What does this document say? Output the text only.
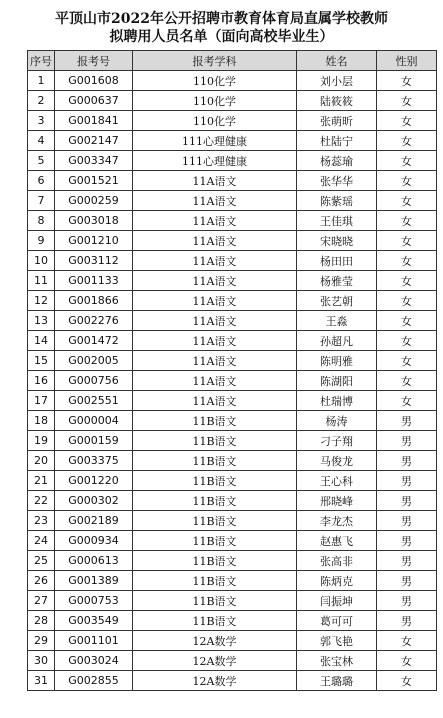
平顶山市2022年公开招聘市教育体育局直属学校教师
拟聘用人员名单（面向高校毕业生）
序号	报考号	报考学科	姓名	性别
1	G001608	110化学	刘小层	女
2	G000637	110化学	陆筱筱	女
3	G001841	110化学	张萌昕	女
4	G002147	111心理健康	杜陆宁	女
5	G003347	111心理健康	杨蕊瑜	女
6	G001521	11A语文	张华华	女
7	G000259	11A语文	陈紫瑶	女
8	G003018	11A语文	王佳琪	女
9	G001210	11A语文	宋晓晓	女
10	G003112	11A语文	杨田田	女
11	G001133	11A语文	杨雅莹	女
12	G001866	11A语文	张艺朝	女
13	G002276	11A语文	王淼	女
14	G001472	11A语文	孙超凡	女
15	G002005	11A语文	陈明雅	女
16	G000756	11A语文	陈湖阳	女
17	G002551	11A语文	杜瑞博	女
18	G000004	11B语文	杨涛	男
19	G000159	11B语文	刁子翔	男
20	G003375	11B语文	马俊龙	男
21	G001220	11B语文	王心科	男
22	G000302	11B语文	邢晓峰	男
23	G002189	11B语文	李龙杰	男
24	G000934	11B语文	赵惠飞	男
25	G000613	11B语文	张高非	男
26	G001389	11B语文	陈炳克	男
27	G000753	11B语文	闫振坤	男
28	G003549	11B语文	葛可可	男
29	G001101	12A数学	郭飞艳	女
30	G003024	12A数学	张宝林	女
31	G002855	12A数学	王璐璐	女
